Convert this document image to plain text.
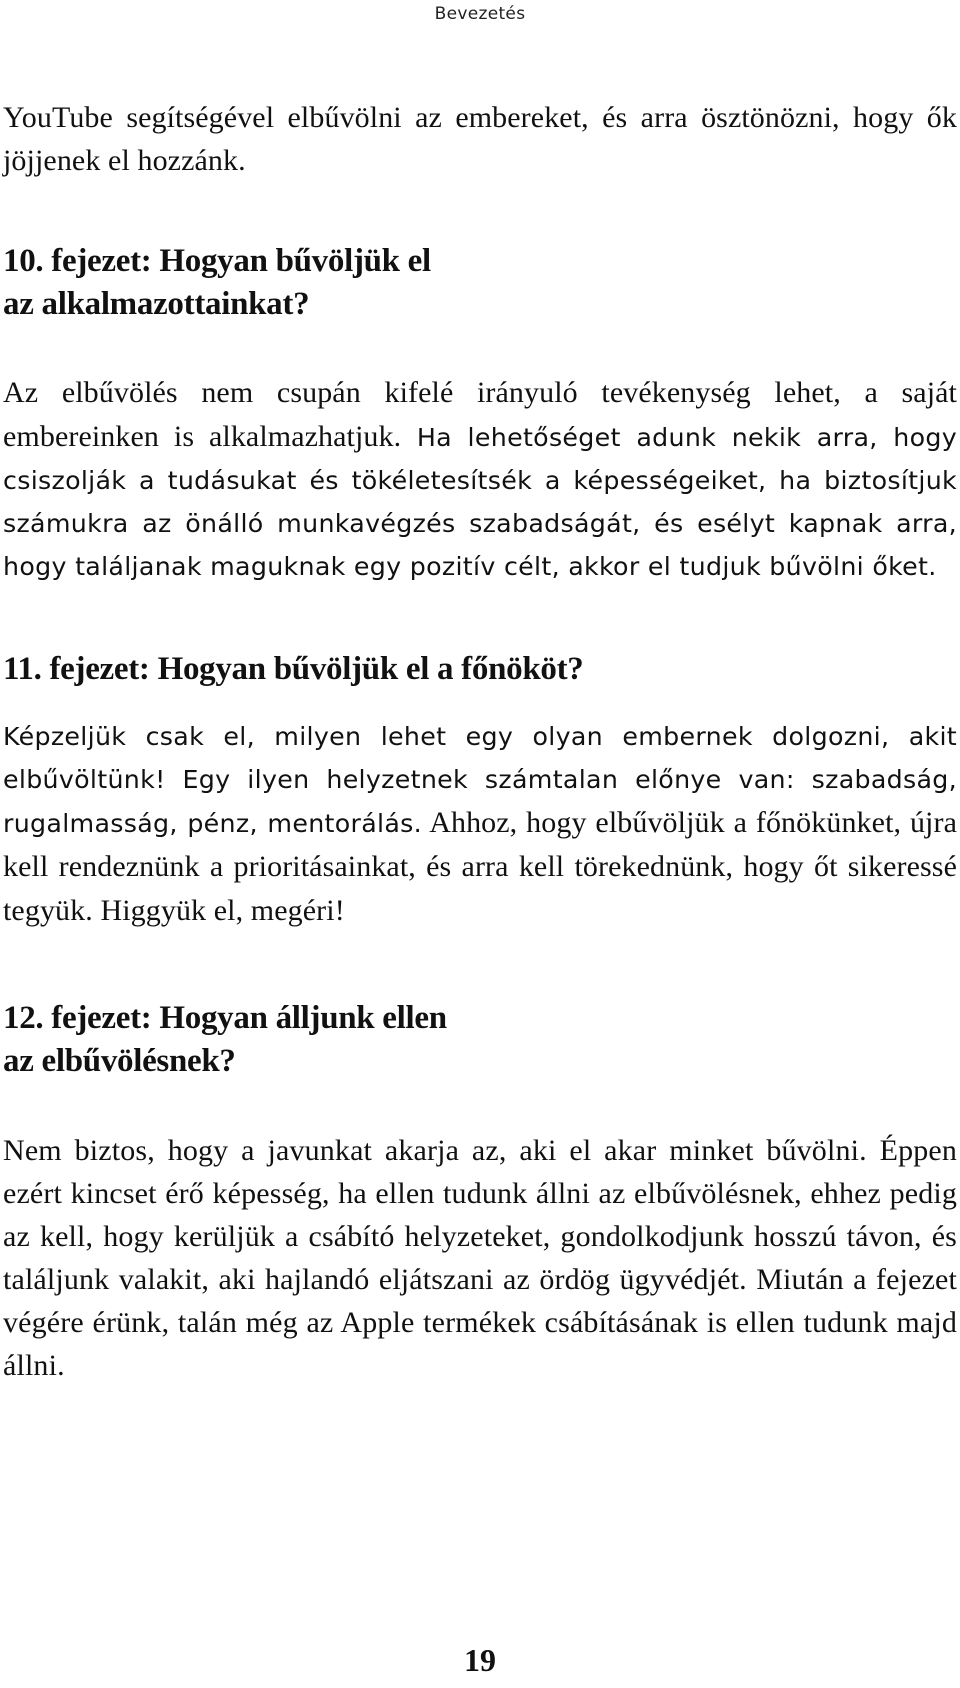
Bevezetés

YouTube segítségével elbűvölni az embereket, és arra ösztönözni, hogy ők jöjjenek el hozzánk.

10. fejezet: Hogyan bűvöljük el
az alkalmazottainkat?

Az elbűvölés nem csupán kifelé irányuló tevékenység lehet, a saját embereinken is alkalmazhatjuk. Ha lehetőséget adunk nekik arra, hogy csiszolják a tudásukat és tökéletesítsék a képességeiket, ha biztosítjuk számukra az önálló munkavégzés szabadságát, és esélyt kapnak arra, hogy találjanak maguknak egy pozitív célt, akkor el tudjuk bűvölni őket.

11. fejezet: Hogyan bűvöljük el a főnököt?

Képzeljük csak el, milyen lehet egy olyan embernek dolgozni, akit elbűvöltünk! Egy ilyen helyzetnek számtalan előnye van: szabadság, rugalmasság, pénz, mentorálás. Ahhoz, hogy elbűvöljük a főnökünket, újra kell rendeznünk a prioritásainkat, és arra kell törekednünk, hogy őt sikeressé tegyük. Higgyük el, megéri!

12. fejezet: Hogyan álljunk ellen
az elbűvölésnek?

Nem biztos, hogy a javunkat akarja az, aki el akar minket bűvölni. Éppen ezért kincset érő képesség, ha ellen tudunk állni az elbűvölésnek, ehhez pedig az kell, hogy kerüljük a csábító helyzeteket, gondolkodjunk hosszú távon, és találjunk valakit, aki hajlandó eljátszani az ördög ügyvédjét. Miután a fejezet végére érünk, talán még az Apple termékek csábításának is ellen tudunk majd állni.

19
